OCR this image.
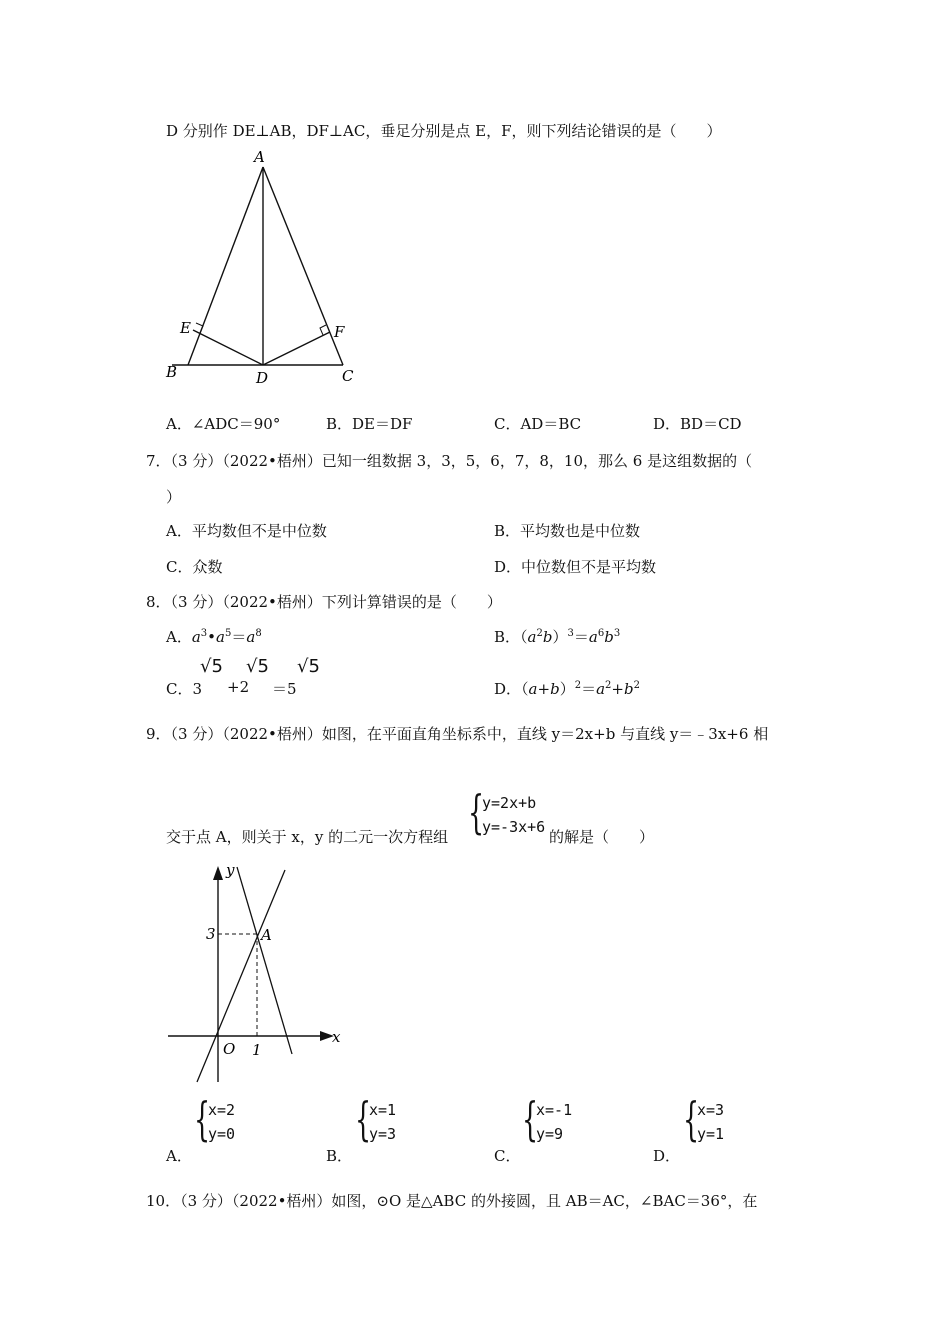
D 分别作 DE⊥AB，DF⊥AC，垂足分别是点 E，F，则下列结论错误的是（　　）
A
B	D	C
E	F
A．∠ADC＝90°	B．DE＝DF	C．AD＝BC	D．BD＝CD
7．（3 分）（2022•梧州）已知一组数据 3，3，5，6，7，8，10，那么 6 是这组数据的（
）
A．平均数但不是中位数	B．平均数也是中位数
C．众数	D．中位数但不是平均数
8．（3 分）（2022•梧州）下列计算错误的是（　　）
A．$a^3•a^5=a^8$	B．$(a^2b)^3=a^6b^3$
C．3
√5
+2
√5
＝5
√5
D．$(a+b)^2=a^2+b^2$
9．（3 分）（2022•梧州）如图，在平面直角坐标系中，直线 y＝2x+b 与直线 y＝﹣3x+6 相
交于点 A，则关于 x，y 的二元一次方程组 {
y=2x+b
y=-3x+6
的解是（　　）
y
x
O
3
1
A
{
x=2
y=0
A．
{
x=1
y=3
B．
{
x=-1
y=9
C．
{
x=3
y=1
D．
10．（3 分）（2022•梧州）如图，⊙O 是△ABC 的外接圆，且 AB＝AC，∠BAC＝36°，在
